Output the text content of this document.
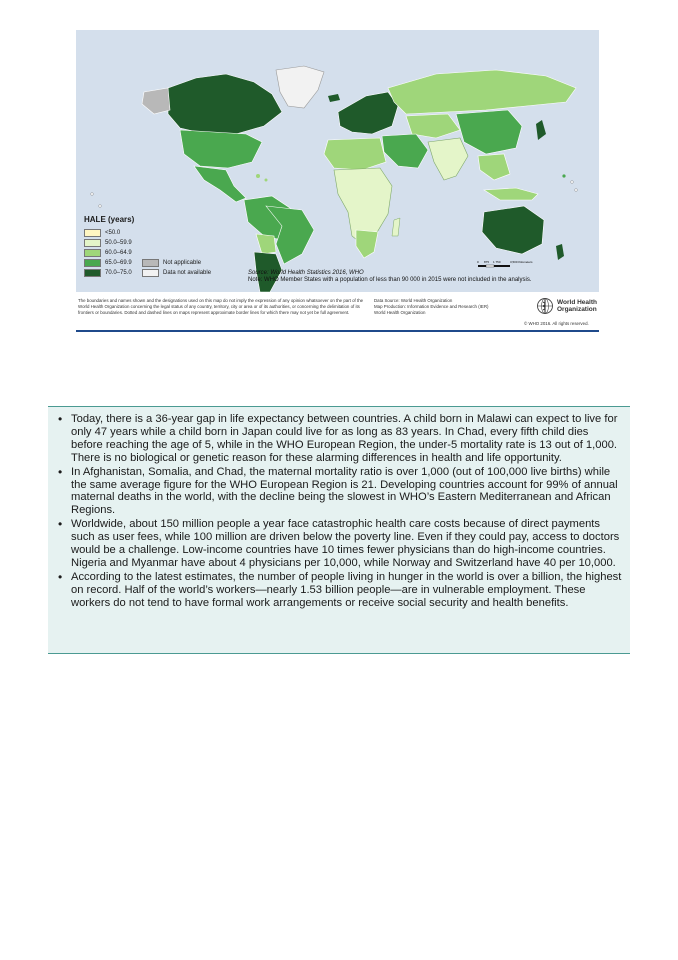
HALE (years)
<50.0
50.0–59.9
60.0–64.9
65.0–69.9	Not applicable
70.0–75.0	Data not available
0 875 1 750	3,500 Kilometers
Source: World Health Statistics 2016, WHO
Note: WHO Member States with a population of less than 90 000 in 2015 were not included in the analysis.
The boundaries and names shown and the designations used on this map do not imply the expression of any opinion whatsoever on the part of the World Health Organization concerning the legal status of any country, territory, city or area or of its authorities, or concerning the delimitation of its frontiers or boundaries. Dotted and dashed lines on maps represent approximate border lines for which there may not yet be full agreement.
Data Source: World Health Organization
Map Production: Information Evidence and Research (IER)
World Health Organization
World Health
Organization
© WHO 2016. All rights reserved.
• Today, there is a 36-year gap in life expectancy between countries. A child born in Malawi can expect to live for only 47 years while a child born in Japan could live for as long as 83 years. In Chad, every fifth child dies before reaching the age of 5, while in the WHO European Region, the under-5 mortality rate is 13 out of 1,000. There is no biological or genetic reason for these alarming differences in health and life opportunity.
• In Afghanistan, Somalia, and Chad, the maternal mortality ratio is over 1,000 (out of 100,000 live births) while the same average figure for the WHO European Region is 21. Developing countries account for 99% of annual maternal deaths in the world, with the decline being the slowest in WHO’s Eastern Mediterranean and African Regions.
• Worldwide, about 150 million people a year face catastrophic health care costs because of direct payments such as user fees, while 100 million are driven below the poverty line. Even if they could pay, access to doctors would be a challenge. Low-income countries have 10 times fewer physicians than do high-income countries. Nigeria and Myanmar have about 4 physicians per 10,000, while Norway and Switzerland have 40 per 10,000.
• According to the latest estimates, the number of people living in hunger in the world is over a billion, the highest on record. Half of the world’s workers—nearly 1.53 billion people—are in vulnerable employment. These workers do not tend to have formal work arrangements or receive social security and health benefits.
